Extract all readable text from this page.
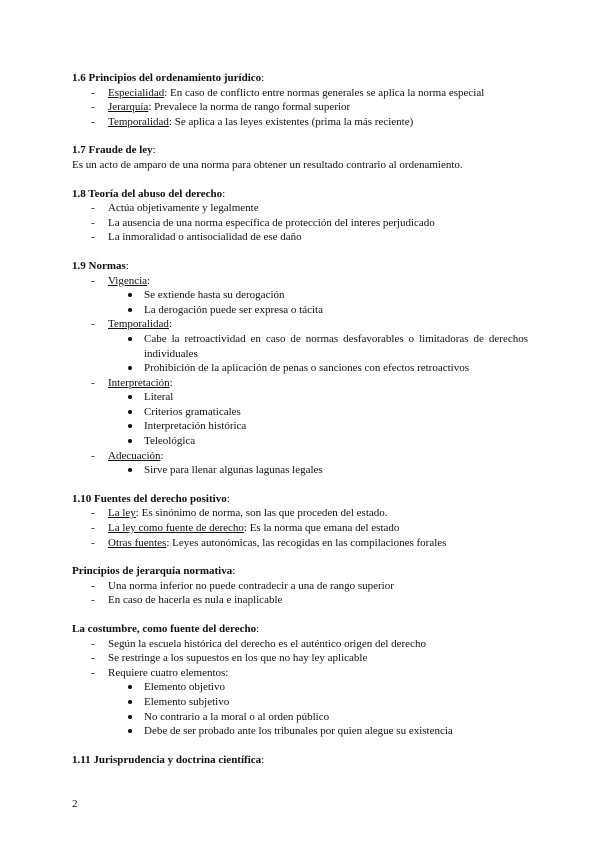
1.6 Principios del ordenamiento jurídico:

- Especialidad: En caso de conflicto entre normas generales se aplica la norma especial
- Jerarquía: Prevalece la norma de rango formal superior
- Temporalidad: Se aplica a las leyes existentes (prima la más reciente)

1.7 Fraude de ley:

Es un acto de amparo de una norma para obtener un resultado contrario al ordenamiento.

1.8 Teoría del abuso del derecho:

- Actúa objetivamente y legalmente
- La ausencia de una norma específica de protección del interes perjudicado
- La inmoralidad o antisocialidad de ese daño

1.9 Normas:

- Vigencia:
Se extiende hasta su derogación
La derogación puede ser expresa o tácita
- Temporalidad:
Cabe la retroactividad en caso de normas desfavorables o limitadoras de derechos individuales
Prohibición de la aplicación de penas o sanciones con efectos retroactivos
- Interpretación:
Literal
Criterios gramaticales
Interpretación histórica
Teleológica
- Adecuación:
Sirve para llenar algunas lagunas legales

1.10 Fuentes del derecho positivo:

- La ley: Es sinónimo de norma, son las que proceden del estado.
- La ley como fuente de derecho: Es la norma que emana del estado
- Otras fuentes: Leyes autonómicas, las recogidas en las compilaciones forales

Principios de jerarquía normativa:

- Una norma inferior no puede contradecir a una de rango superior
- En caso de hacerla es nula e inaplicable

La costumbre, como fuente del derecho:

- Según la escuela histórica del derecho es el auténtico origen del derecho
- Se restringe a los supuestos en los que no hay ley aplicable
- Requiere cuatro elementos:
Elemento objetivo
Elemento subjetivo
No contrario a la moral o al orden público
Debe de ser probado ante los tribunales por quien alegue su existencia

1.11 Jurisprudencia y doctrina científica:

2
